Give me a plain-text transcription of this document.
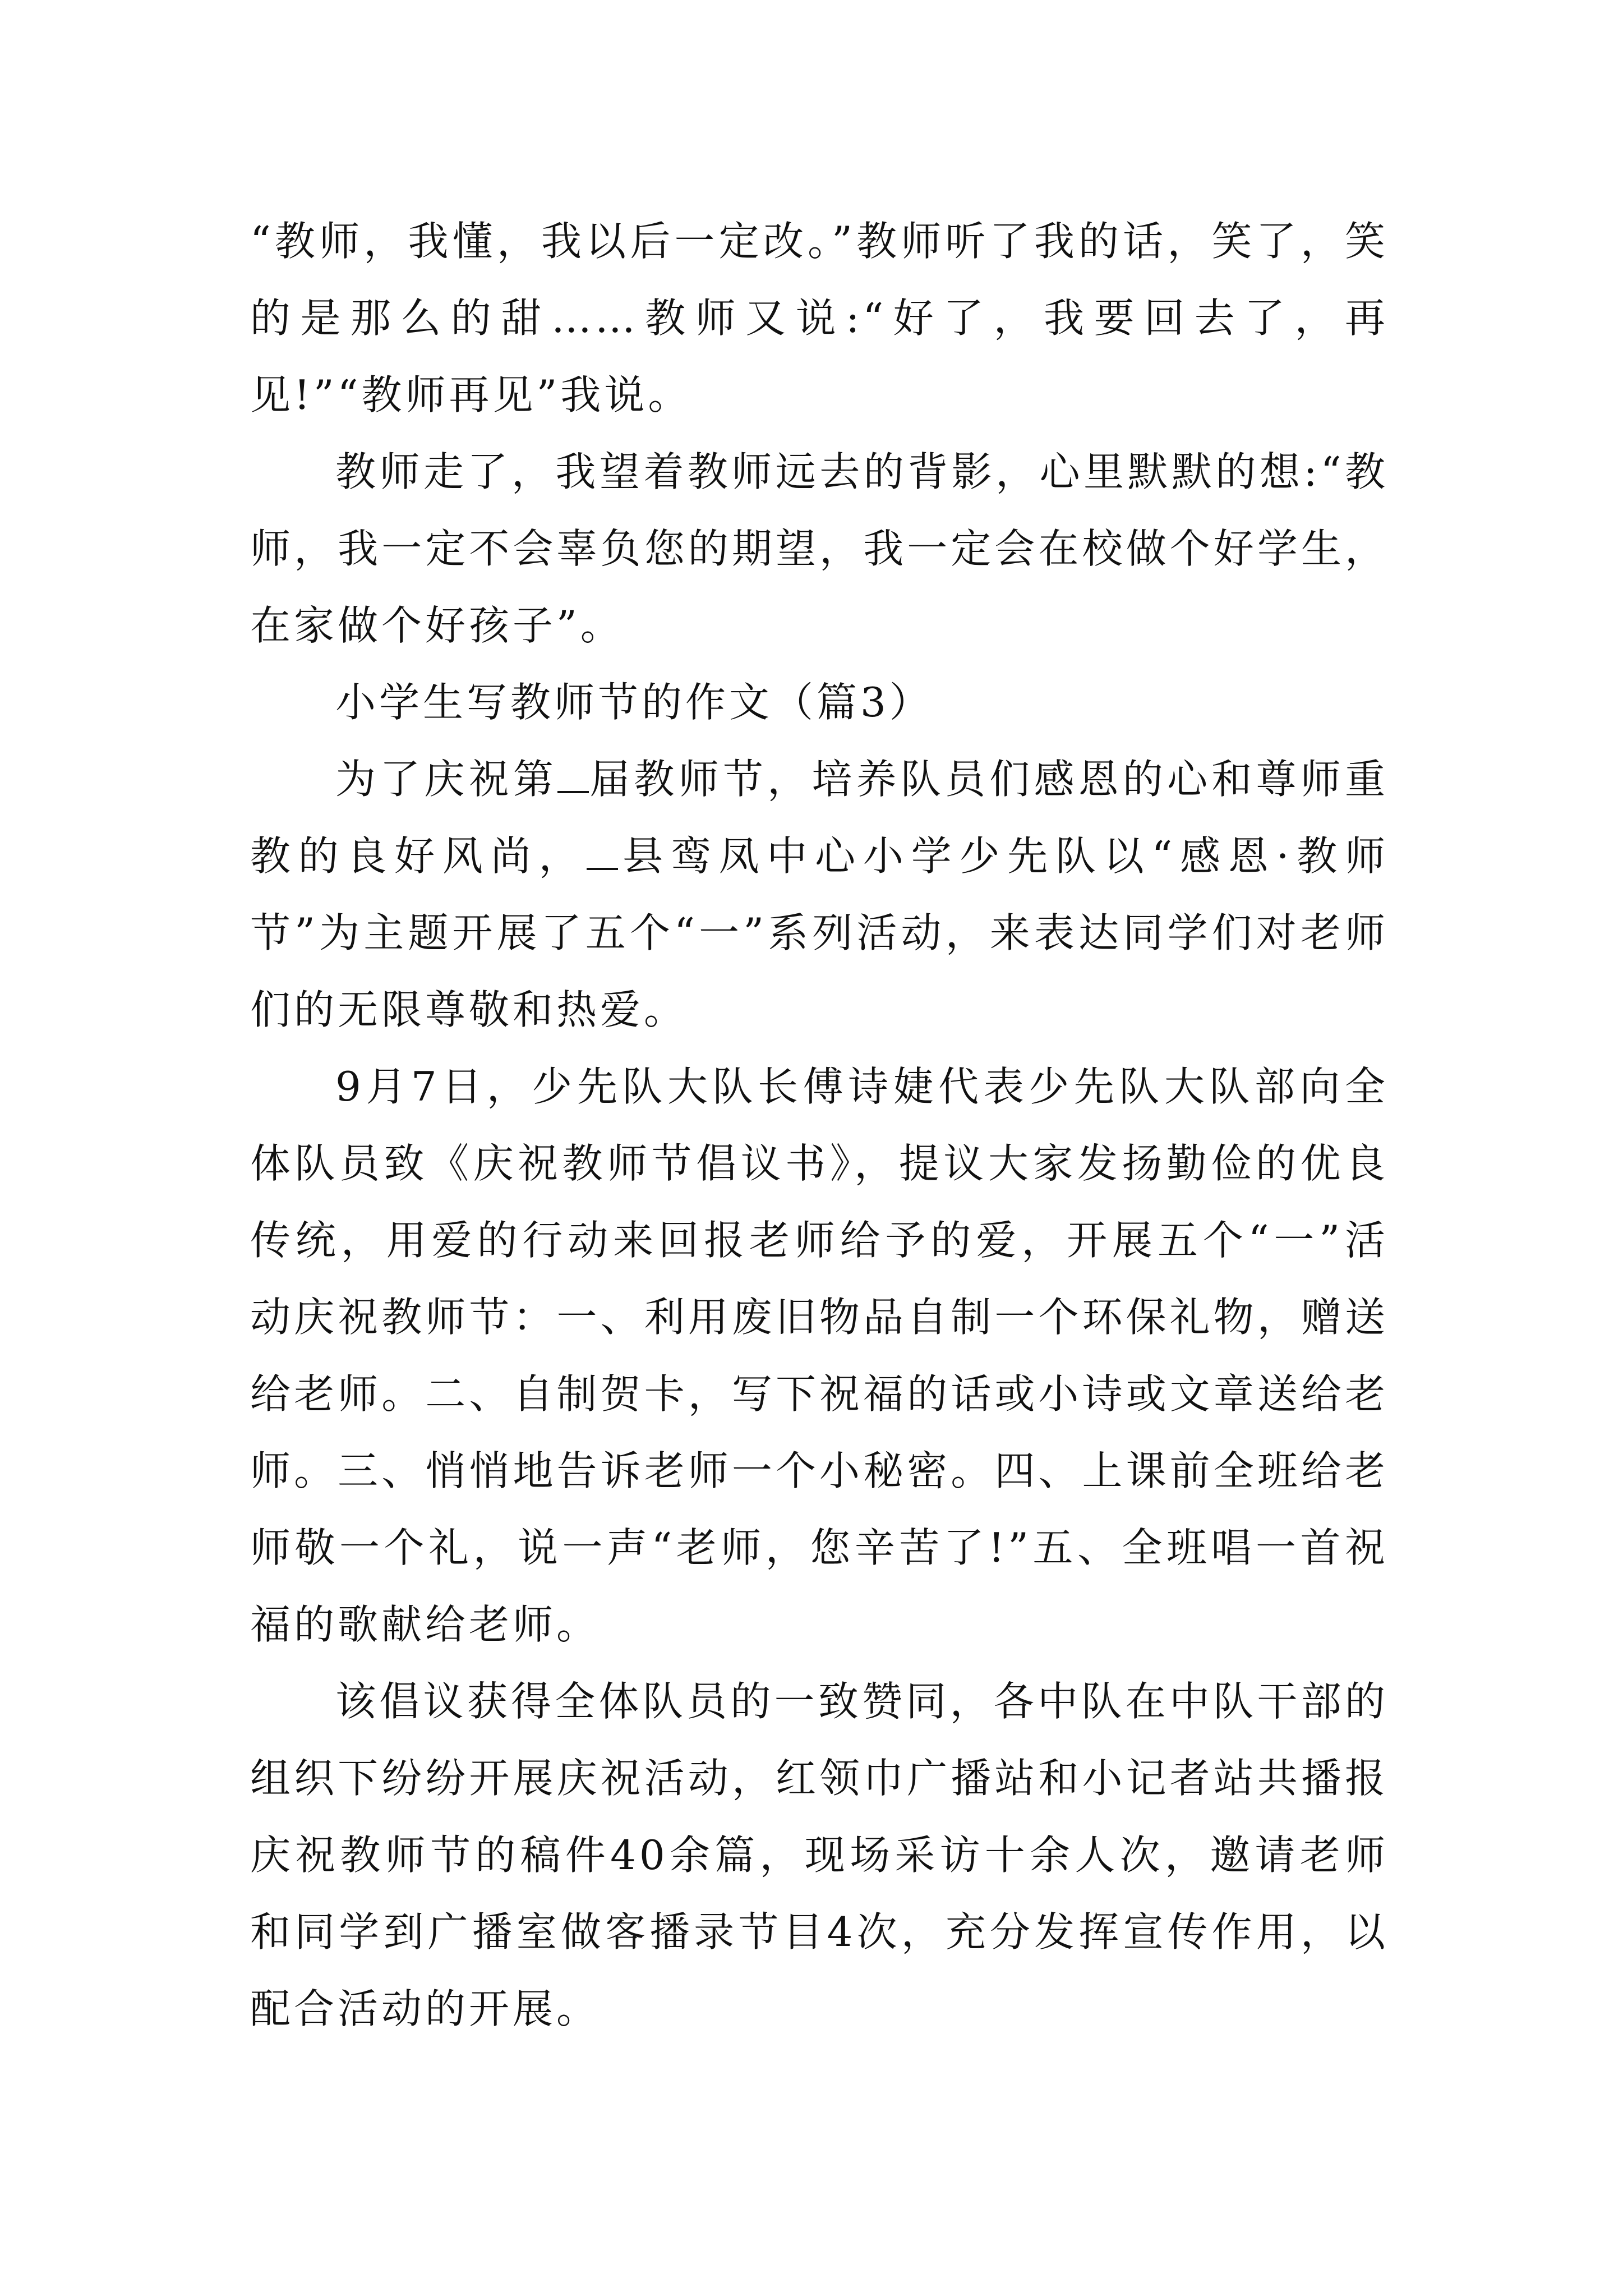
“教师，我懂，我以后一定改。”教师听了我的话，笑了，笑的是那么的甜……教师又说:“好了，我要回去了，再见!”“教师再见”我说。

教师走了，我望着教师远去的背影，心里默默的想:“教师，我一定不会辜负您的期望，我一定会在校做个好学生，在家做个好孩子”。

小学生写教师节的作文（篇3）

为了庆祝第 届教师节，培养队员们感恩的心和尊师重教的良好风尚， 县鸾凤中心小学少先队以“感恩·教师节”为主题开展了五个“一”系列活动，来表达同学们对老师们的无限尊敬和热爱。

9月7日，少先队大队长傅诗婕代表少先队大队部向全体队员致《庆祝教师节倡议书》，提议大家发扬勤俭的优良传统，用爱的行动来回报老师给予的爱，开展五个“一”活动庆祝教师节：一、利用废旧物品自制一个环保礼物，赠送给老师。二、自制贺卡，写下祝福的话或小诗或文章送给老师。三、悄悄地告诉老师一个小秘密。四、上课前全班给老师敬一个礼，说一声“老师，您辛苦了!”五、全班唱一首祝福的歌献给老师。

该倡议获得全体队员的一致赞同，各中队在中队干部的组织下纷纷开展庆祝活动，红领巾广播站和小记者站共播报庆祝教师节的稿件40余篇，现场采访十余人次，邀请老师和同学到广播室做客播录节目4次，充分发挥宣传作用，以配合活动的开展。
